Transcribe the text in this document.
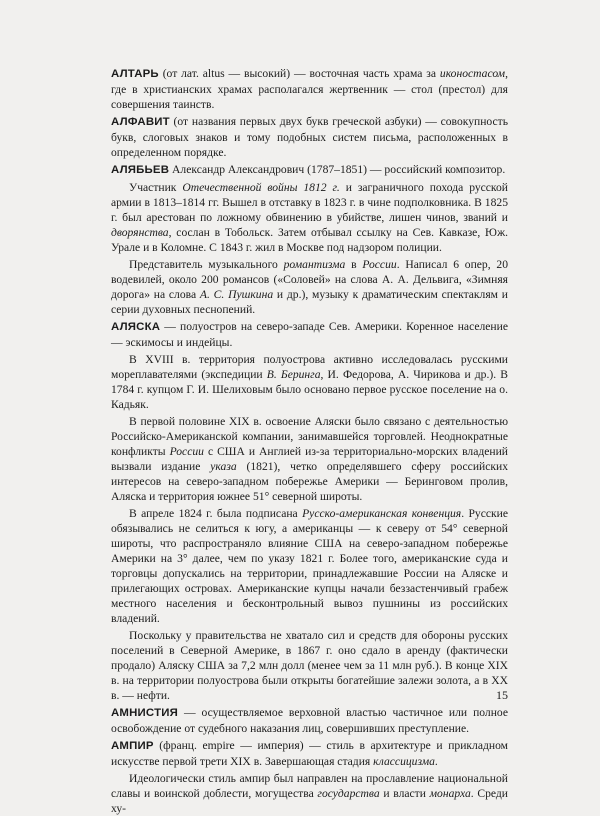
АЛТАРЬ (от лат. altus — высокий) — восточная часть храма за иконостасом, где в христианских храмах располагался жертвенник — стол (престол) для совершения таинств.

АЛФАВИТ (от названия первых двух букв греческой азбуки) — совокупность букв, слоговых знаков и тому подобных систем письма, расположенных в определенном порядке.

АЛЯБЬЕВ Александр Александрович (1787–1851) — российский композитор.

Участник Отечественной войны 1812 г. и заграничного похода русской армии в 1813–1814 гг. Вышел в отставку в 1823 г. в чине подполковника. В 1825 г. был арестован по ложному обвинению в убийстве, лишен чинов, званий и дворянства, сослан в Тобольск. Затем отбывал ссылку на Сев. Кавказе, Юж. Урале и в Коломне. С 1843 г. жил в Москве под надзором полиции.

Представитель музыкального романтизма в России. Написал 6 опер, 20 водевилей, около 200 романсов («Соловей» на слова А. А. Дельвига, «Зимняя дорога» на слова А. С. Пушкина и др.), музыку к драматическим спектаклям и серии духовных песнопений.

АЛЯСКА — полуостров на северо-западе Сев. Америки. Коренное население — эскимосы и индейцы.

В XVIII в. территория полуострова активно исследовалась русскими мореплавателями (экспедиции В. Беринга, И. Федорова, А. Чирикова и др.). В 1784 г. купцом Г. И. Шелиховым было основано первое русское поселение на о. Кадьяк.

В первой половине XIX в. освоение Аляски было связано с деятельностью Российско-Американской компании, занимавшейся торговлей. Неоднократные конфликты России с США и Англией из-за территориально-морских владений вызвали издание указа (1821), четко определявшего сферу российских интересов на северо-западном побережье Америки — Беринговом пролив, Аляска и территория южнее 51° северной широты.

В апреле 1824 г. была подписана Русско-американская конвенция. Русские обязывались не селиться к югу, а американцы — к северу от 54° северной широты, что распространяло влияние США на северо-западном побережье Америки на 3° далее, чем по указу 1821 г. Более того, американские суда и торговцы допускались на территории, принадлежавшие России на Аляске и прилегающих островах. Американские купцы начали беззастенчивый грабеж местного населения и бесконтрольный вывоз пушнины из российских владений.

Поскольку у правительства не хватало сил и средств для обороны русских поселений в Северной Америке, в 1867 г. оно сдало в аренду (фактически продало) Аляску США за 7,2 млн долл (менее чем за 11 млн руб.). В конце XIX в. на территории полуострова были открыты богатейшие залежи золота, а в XX в. — нефти.

АМНИСТИЯ — осуществляемое верховной властью частичное или полное освобождение от судебного наказания лиц, совершивших преступление.

АМПИР (франц. empire — империя) — стиль в архитектуре и прикладном искусстве первой трети XIX в. Завершающая стадия классицизма.

Идеологически стиль ампир был направлен на прославление национальной славы и воинской доблести, могущества государства и власти монарха. Среди ху-

15
